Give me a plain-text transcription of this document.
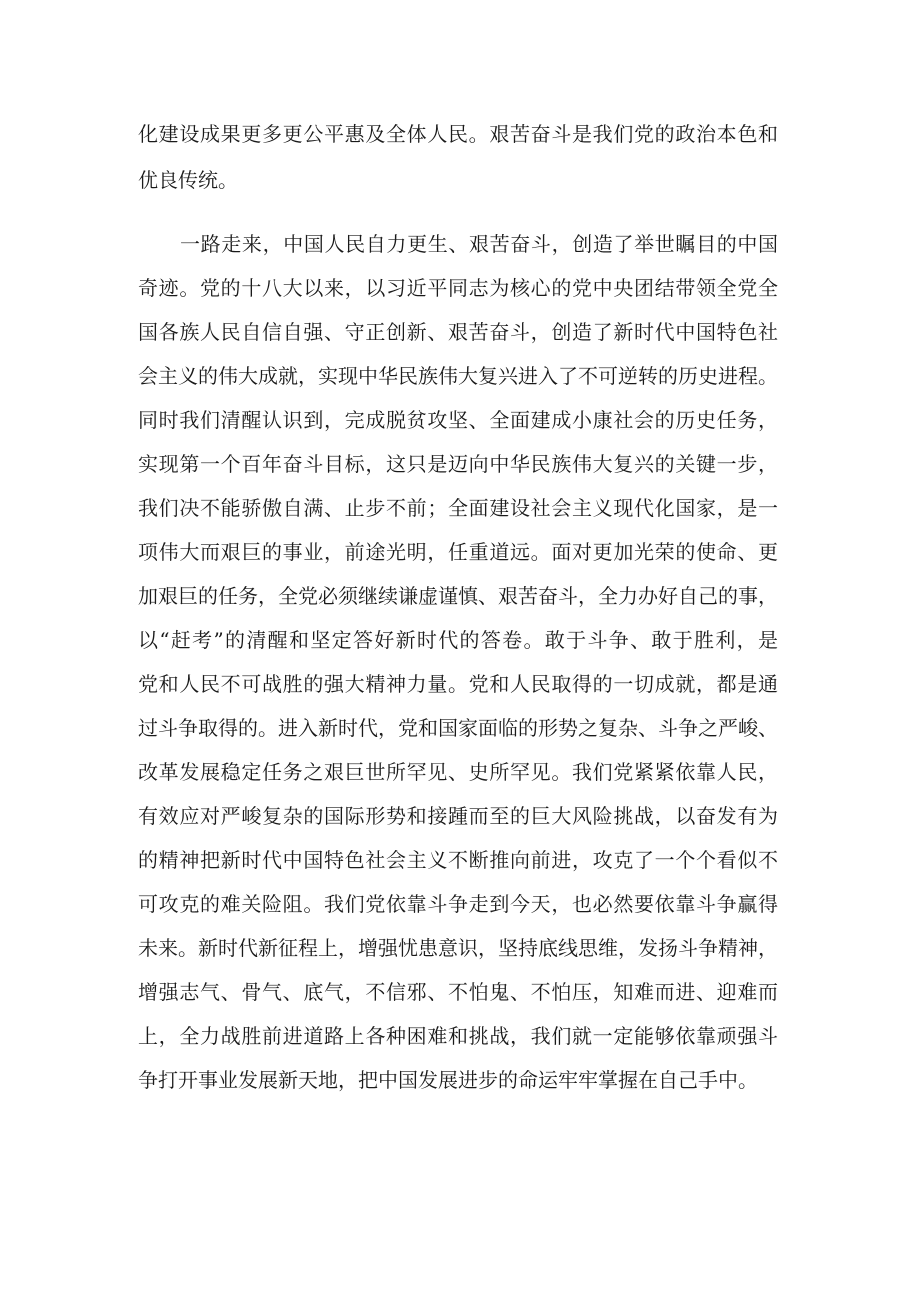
化建设成果更多更公平惠及全体人民。艰苦奋斗是我们党的政治本色和
优良传统。
一路走来，中国人民自力更生、艰苦奋斗，创造了举世瞩目的中国
奇迹。党的十八大以来，以习近平同志为核心的党中央团结带领全党全
国各族人民自信自强、守正创新、艰苦奋斗，创造了新时代中国特色社
会主义的伟大成就，实现中华民族伟大复兴进入了不可逆转的历史进程。
同时我们清醒认识到，完成脱贫攻坚、全面建成小康社会的历史任务，
实现第一个百年奋斗目标，这只是迈向中华民族伟大复兴的关键一步，
我们决不能骄傲自满、止步不前；全面建设社会主义现代化国家，是一
项伟大而艰巨的事业，前途光明，任重道远。面对更加光荣的使命、更
加艰巨的任务，全党必须继续谦虚谨慎、艰苦奋斗，全力办好自己的事，
以“赶考”的清醒和坚定答好新时代的答卷。敢于斗争、敢于胜利，是
党和人民不可战胜的强大精神力量。党和人民取得的一切成就，都是通
过斗争取得的。进入新时代，党和国家面临的形势之复杂、斗争之严峻、
改革发展稳定任务之艰巨世所罕见、史所罕见。我们党紧紧依靠人民，
有效应对严峻复杂的国际形势和接踵而至的巨大风险挑战，以奋发有为
的精神把新时代中国特色社会主义不断推向前进，攻克了一个个看似不
可攻克的难关险阻。我们党依靠斗争走到今天，也必然要依靠斗争赢得
未来。新时代新征程上，增强忧患意识，坚持底线思维，发扬斗争精神，
增强志气、骨气、底气，不信邪、不怕鬼、不怕压，知难而进、迎难而
上，全力战胜前进道路上各种困难和挑战，我们就一定能够依靠顽强斗
争打开事业发展新天地，把中国发展进步的命运牢牢掌握在自己手中。
